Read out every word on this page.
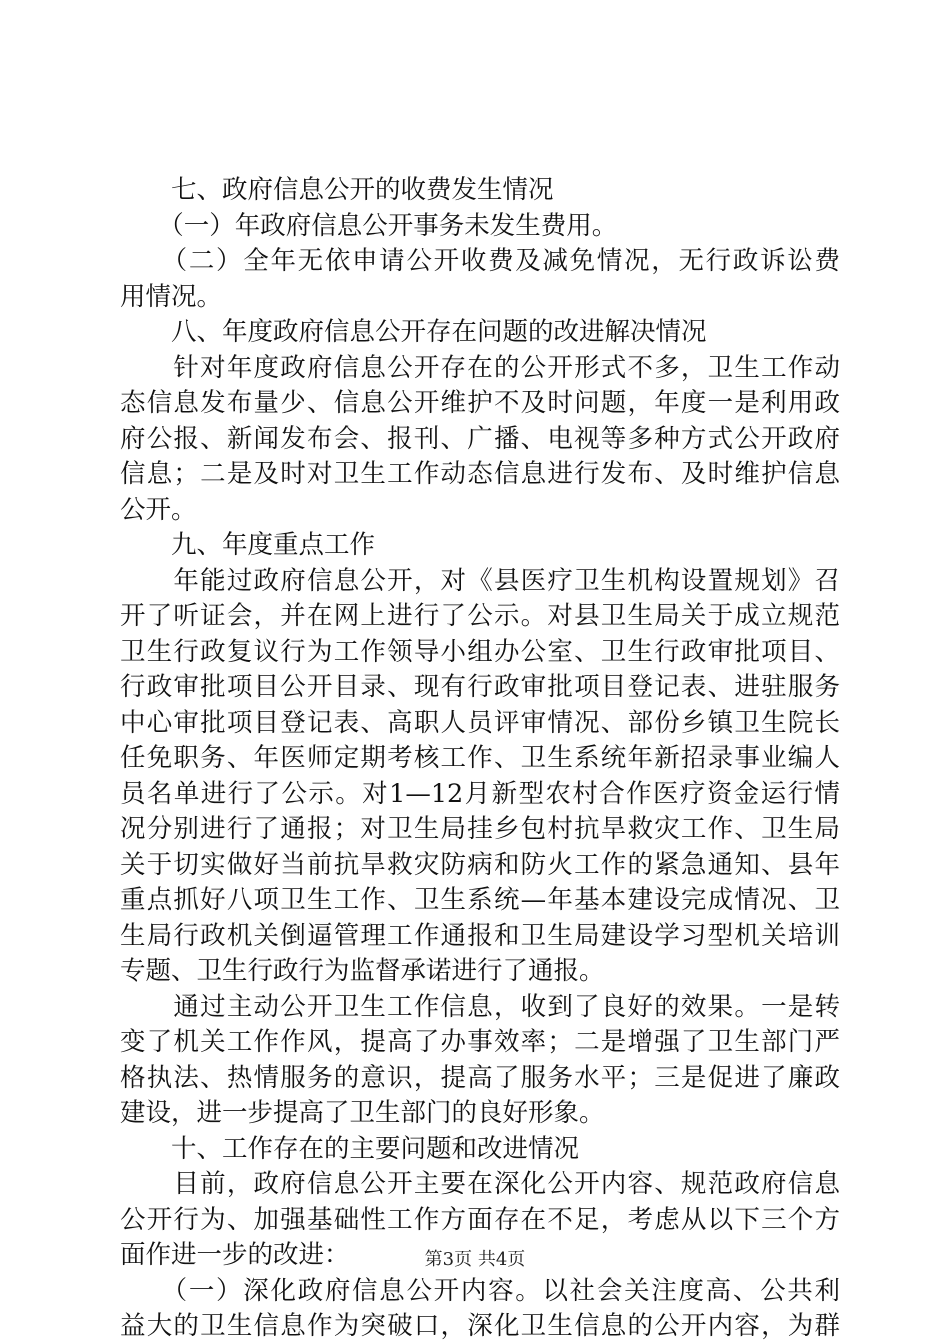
　　七、政府信息公开的收费发生情况
　　（一）年政府信息公开事务未发生费用。
　　（二）全年无依申请公开收费及减免情况，无行政诉讼费
用情况。
　　八、年度政府信息公开存在问题的改进解决情况
　　针对年度政府信息公开存在的公开形式不多，卫生工作动
态信息发布量少、信息公开维护不及时问题，年度一是利用政
府公报、新闻发布会、报刊、广播、电视等多种方式公开政府
信息；二是及时对卫生工作动态信息进行发布、及时维护信息
公开。
　　九、年度重点工作
　　年能过政府信息公开，对《县医疗卫生机构设置规划》召
开了听证会，并在网上进行了公示。对县卫生局关于成立规范
卫生行政复议行为工作领导小组办公室、卫生行政审批项目、
行政审批项目公开目录、现有行政审批项目登记表、进驻服务
中心审批项目登记表、高职人员评审情况、部份乡镇卫生院长
任免职务、年医师定期考核工作、卫生系统年新招录事业编人
员名单进行了公示。对1—12月新型农村合作医疗资金运行情
况分别进行了通报；对卫生局挂乡包村抗旱救灾工作、卫生局
关于切实做好当前抗旱救灾防病和防火工作的紧急通知、县年
重点抓好八项卫生工作、卫生系统—年基本建设完成情况、卫
生局行政机关倒逼管理工作通报和卫生局建设学习型机关培训
专题、卫生行政行为监督承诺进行了通报。
　　通过主动公开卫生工作信息，收到了良好的效果。一是转
变了机关工作作风，提高了办事效率；二是增强了卫生部门严
格执法、热情服务的意识，提高了服务水平；三是促进了廉政
建设，进一步提高了卫生部门的良好形象。
　　十、工作存在的主要问题和改进情况
　　目前，政府信息公开主要在深化公开内容、规范政府信息
公开行为、加强基础性工作方面存在不足，考虑从以下三个方
面作进一步的改进：
　　（一）深化政府信息公开内容。以社会关注度高、公共利
益大的卫生信息作为突破口，深化卫生信息的公开内容，为群
第3页 共4页
